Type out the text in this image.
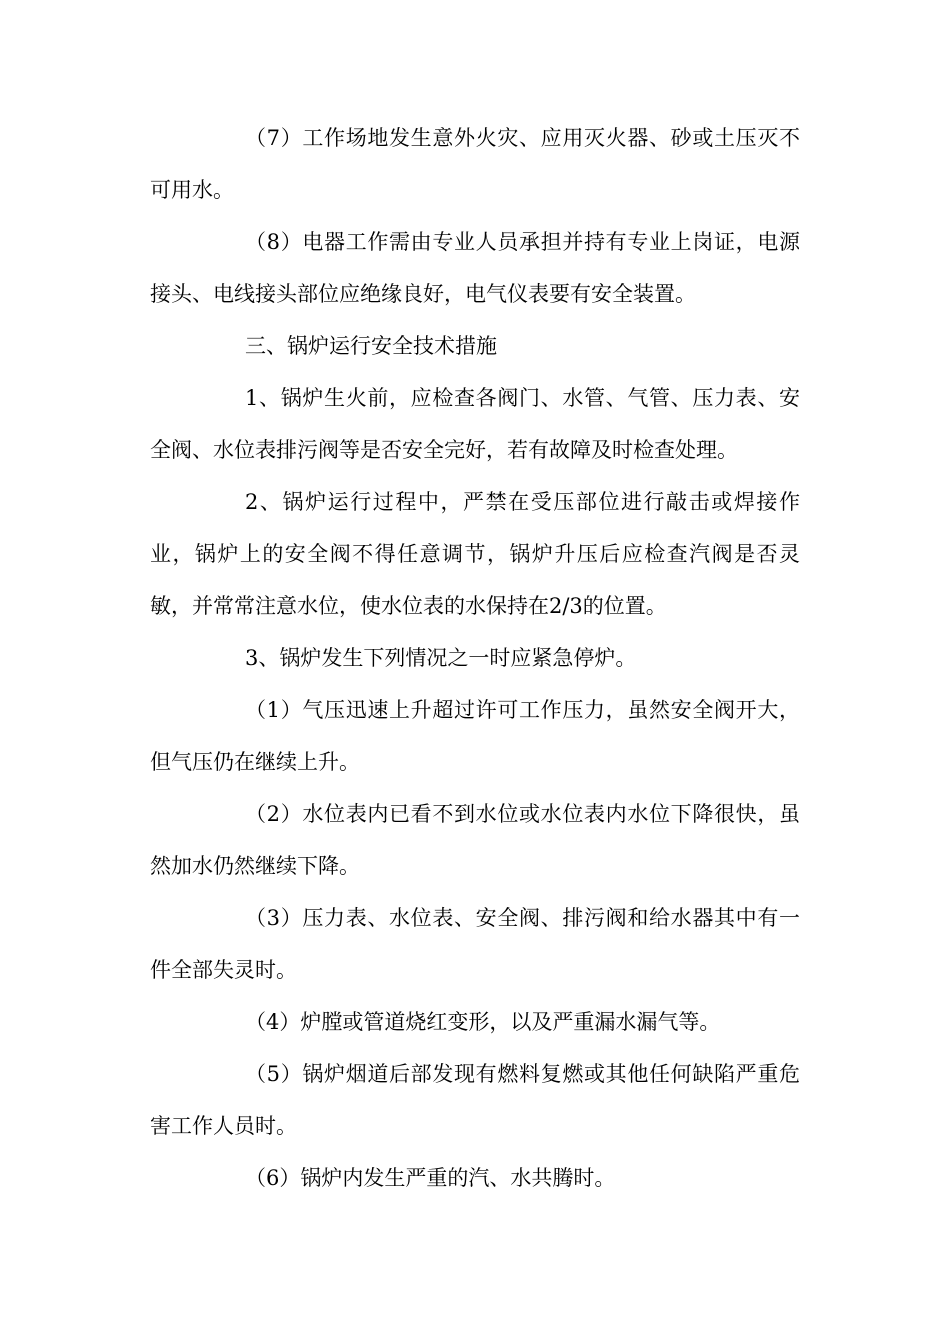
（7）工作场地发生意外火灾、应用灭火器、砂或土压灭不可用水。

（8）电器工作需由专业人员承担并持有专业上岗证，电源接头、电线接头部位应绝缘良好，电气仪表要有安全装置。

三、锅炉运行安全技术措施

1、锅炉生火前，应检查各阀门、水管、气管、压力表、安全阀、水位表排污阀等是否安全完好，若有故障及时检查处理。

2、锅炉运行过程中，严禁在受压部位进行敲击或焊接作业，锅炉上的安全阀不得任意调节，锅炉升压后应检查汽阀是否灵敏，并常常注意水位，使水位表的水保持在2/3的位置。

3、锅炉发生下列情况之一时应紧急停炉。

（1）气压迅速上升超过许可工作压力，虽然安全阀开大，但气压仍在继续上升。

（2）水位表内已看不到水位或水位表内水位下降很快，虽然加水仍然继续下降。

（3）压力表、水位表、安全阀、排污阀和给水器其中有一件全部失灵时。

（4）炉膛或管道烧红变形，以及严重漏水漏气等。

（5）锅炉烟道后部发现有燃料复燃或其他任何缺陷严重危害工作人员时。

（6）锅炉内发生严重的汽、水共腾时。
